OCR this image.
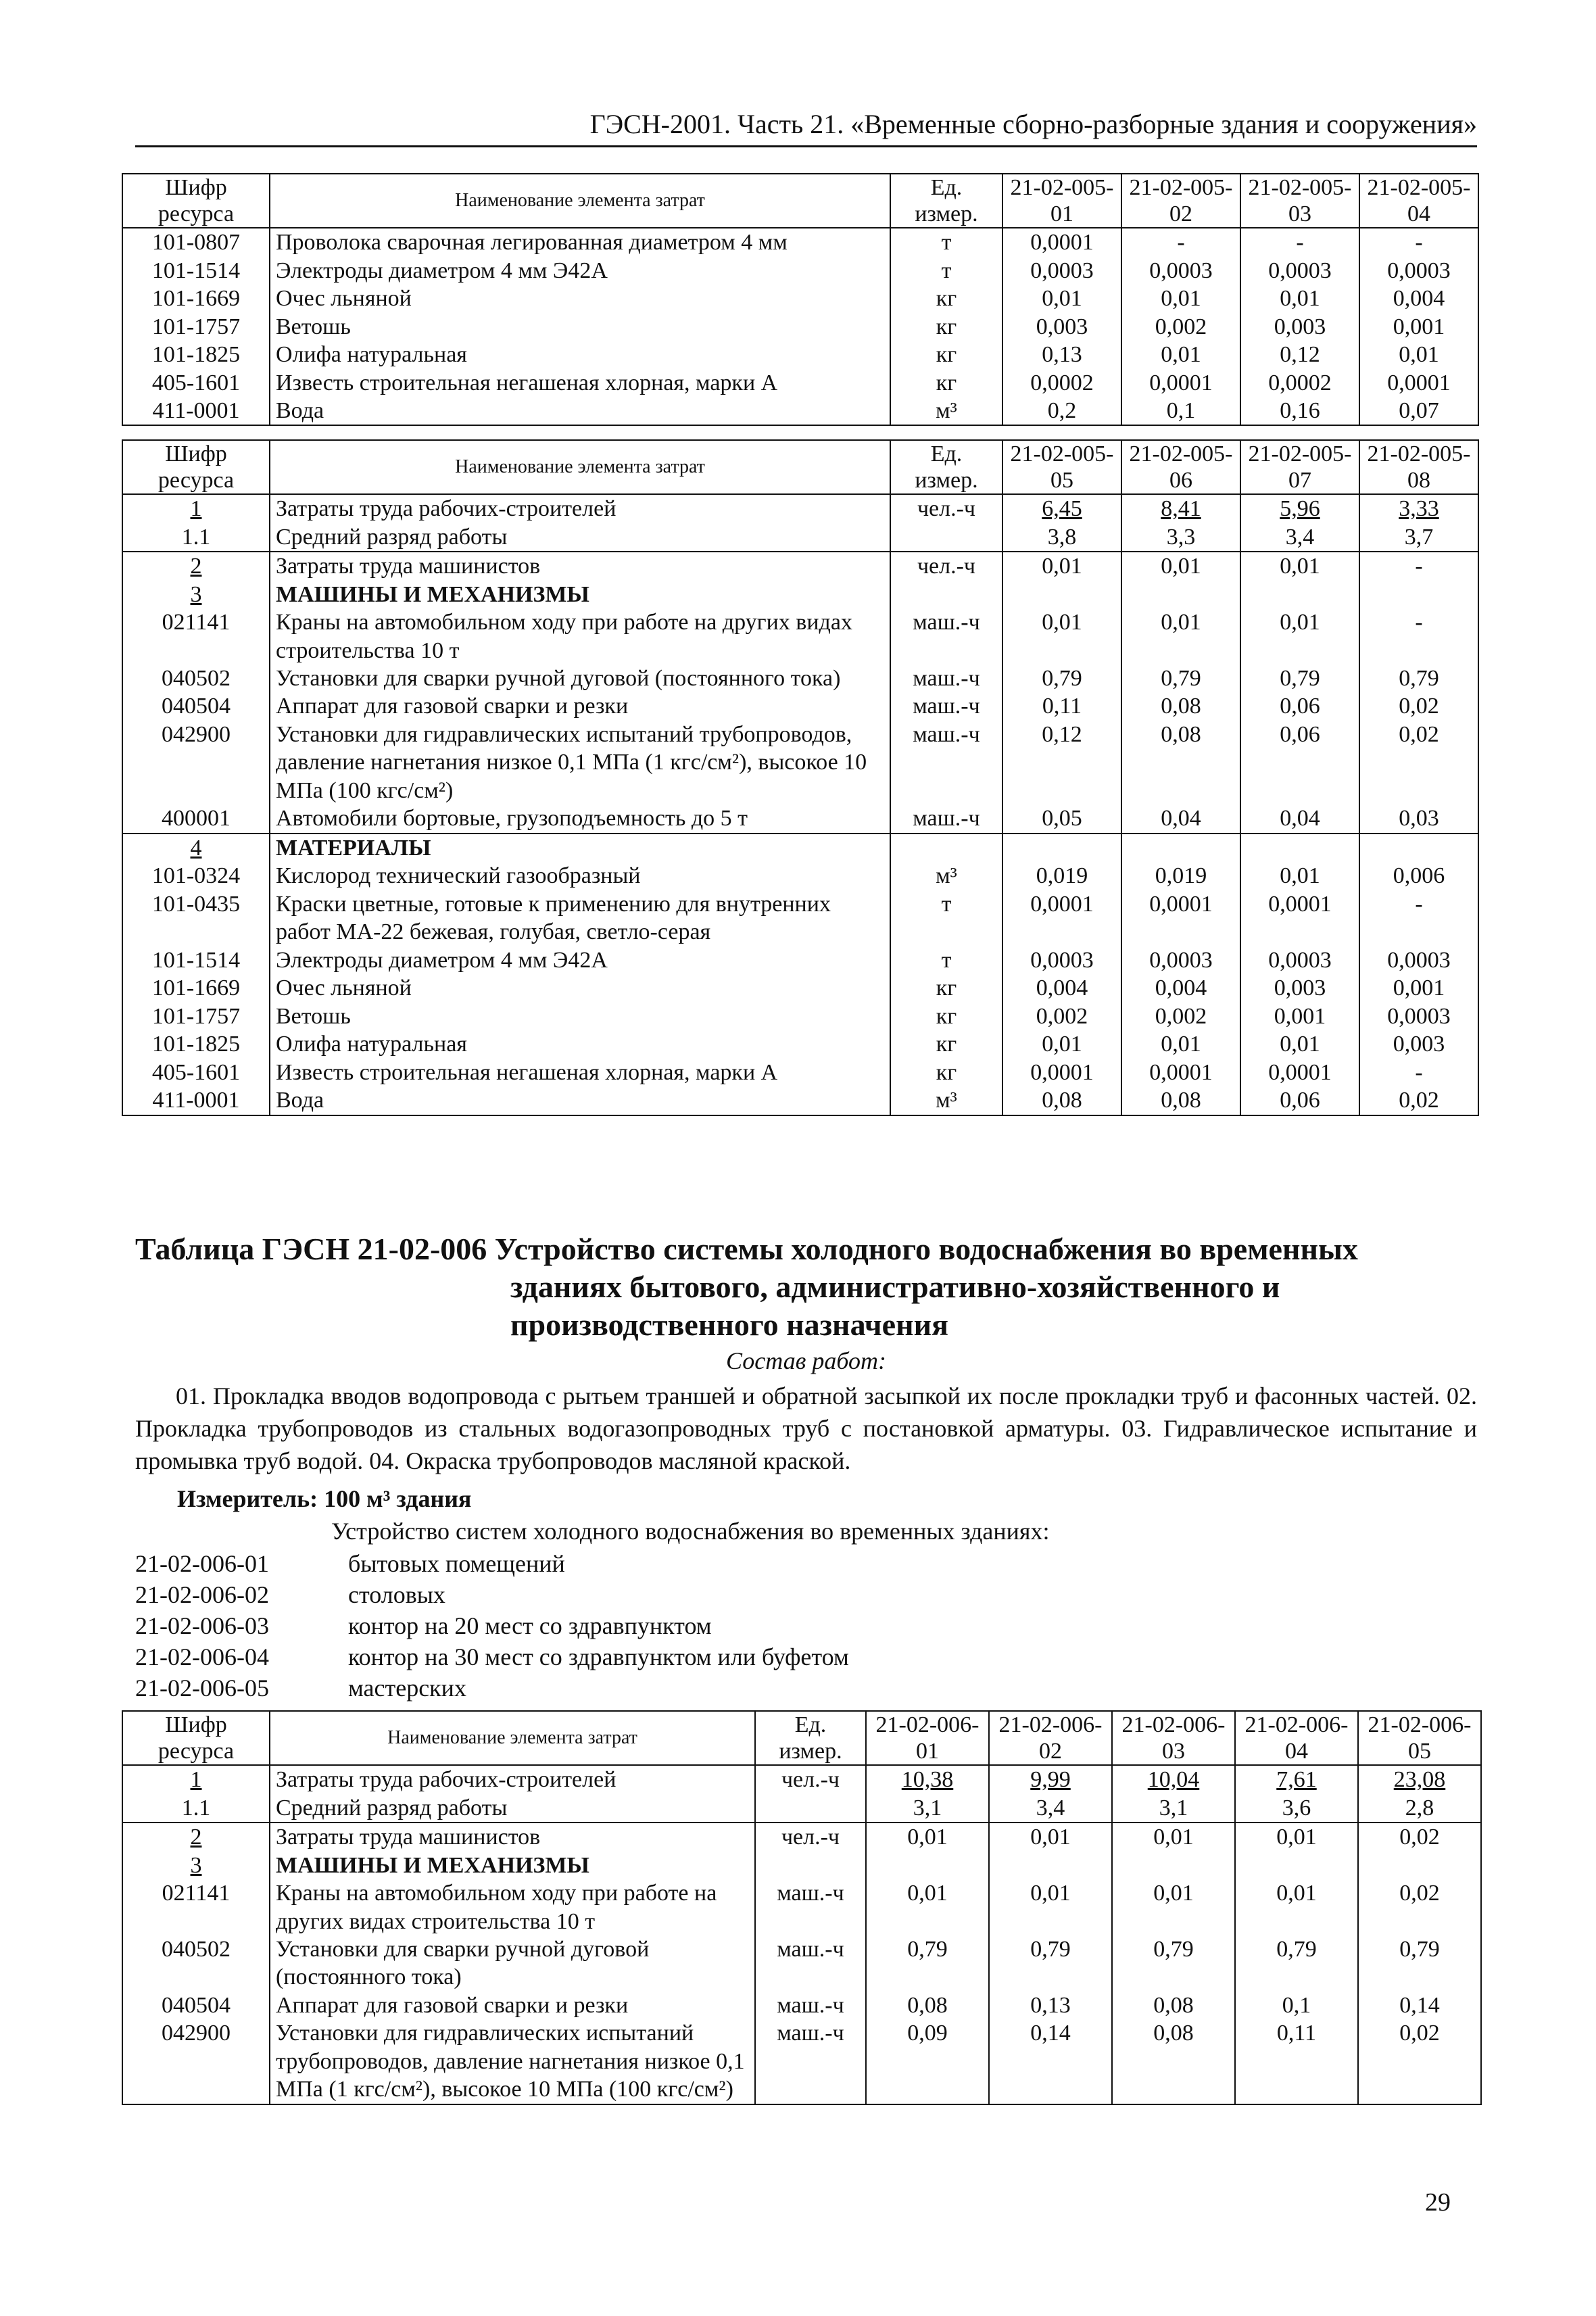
ГЭСН-2001. Часть 21. «Временные сборно-разборные здания и сооружения»
Шифр ресурса	Наименование элемента затрат	Ед. измер.	21-02-005-01	21-02-005-02	21-02-005-03	21-02-005-04
101-0807	Проволока сварочная легированная диаметром 4 мм	т	0,0001	-	-	-
101-1514	Электроды диаметром 4 мм Э42А	т	0,0003	0,0003	0,0003	0,0003
101-1669	Очес льняной	кг	0,01	0,01	0,01	0,004
101-1757	Ветошь	кг	0,003	0,002	0,003	0,001
101-1825	Олифа натуральная	кг	0,13	0,01	0,12	0,01
405-1601	Известь строительная негашеная хлорная, марки А	кг	0,0002	0,0001	0,0002	0,0001
411-0001	Вода	м³	0,2	0,1	0,16	0,07
Шифр ресурса	Наименование элемента затрат	Ед. измер.	21-02-005-05	21-02-005-06	21-02-005-07	21-02-005-08
1	Затраты труда рабочих-строителей	чел.-ч	6,45	8,41	5,96	3,33
1.1	Средний разряд работы		3,8	3,3	3,4	3,7
2	Затраты труда машинистов	чел.-ч	0,01	0,01	0,01	-
3	МАШИНЫ И МЕХАНИЗМЫ					
021141	Краны на автомобильном ходу при работе на других видах строительства 10 т	маш.-ч	0,01	0,01	0,01	-
040502	Установки для сварки ручной дуговой (постоянного тока)	маш.-ч	0,79	0,79	0,79	0,79
040504	Аппарат для газовой сварки и резки	маш.-ч	0,11	0,08	0,06	0,02
042900	Установки для гидравлических испытаний трубопроводов, давление нагнетания низкое 0,1 МПа (1 кгс/см²), высокое 10 МПа (100 кгс/см²)	маш.-ч	0,12	0,08	0,06	0,02
400001	Автомобили бортовые, грузоподъемность до 5 т	маш.-ч	0,05	0,04	0,04	0,03
4	МАТЕРИАЛЫ					
101-0324	Кислород технический газообразный	м³	0,019	0,019	0,01	0,006
101-0435	Краски цветные, готовые к применению для внутренних работ МА-22 бежевая, голубая, светло-серая	т	0,0001	0,0001	0,0001	-
101-1514	Электроды диаметром 4 мм Э42А	т	0,0003	0,0003	0,0003	0,0003
101-1669	Очес льняной	кг	0,004	0,004	0,003	0,001
101-1757	Ветошь	кг	0,002	0,002	0,001	0,0003
101-1825	Олифа натуральная	кг	0,01	0,01	0,01	0,003
405-1601	Известь строительная негашеная хлорная, марки А	кг	0,0001	0,0001	0,0001	-
411-0001	Вода	м³	0,08	0,08	0,06	0,02
Таблица ГЭСН 21-02-006 Устройство системы холодного водоснабжения во временных
зданиях бытового, административно-хозяйственного и производственного назначения
Состав работ:
01. Прокладка вводов водопровода с рытьем траншей и обратной засыпкой их после прокладки труб и фасонных частей. 02. Прокладка трубопроводов из стальных водогазопроводных труб с постановкой арматуры. 03. Гидравлическое испытание и промывка труб водой. 04. Окраска трубопроводов масляной краской.
Измеритель: 100 м³ здания
Устройство систем холодного водоснабжения во временных зданиях:
21-02-006-01	бытовых помещений
21-02-006-02	столовых
21-02-006-03	контор на 20 мест со здравпунктом
21-02-006-04	контор на 30 мест со здравпунктом или буфетом
21-02-006-05	мастерских
Шифр ресурса	Наименование элемента затрат	Ед. измер.	21-02-006-01	21-02-006-02	21-02-006-03	21-02-006-04	21-02-006-05
1	Затраты труда рабочих-строителей	чел.-ч	10,38	9,99	10,04	7,61	23,08
1.1	Средний разряд работы		3,1	3,4	3,1	3,6	2,8
2	Затраты труда машинистов	чел.-ч	0,01	0,01	0,01	0,01	0,02
3	МАШИНЫ И МЕХАНИЗМЫ						
021141	Краны на автомобильном ходу при работе на других видах строительства 10 т	маш.-ч	0,01	0,01	0,01	0,01	0,02
040502	Установки для сварки ручной дуговой (постоянного тока)	маш.-ч	0,79	0,79	0,79	0,79	0,79
040504	Аппарат для газовой сварки и резки	маш.-ч	0,08	0,13	0,08	0,1	0,14
042900	Установки для гидравлических испытаний трубопроводов, давление нагнетания низкое 0,1 МПа (1 кгс/см²), высокое 10 МПа (100 кгс/см²)	маш.-ч	0,09	0,14	0,08	0,11	0,02
29
